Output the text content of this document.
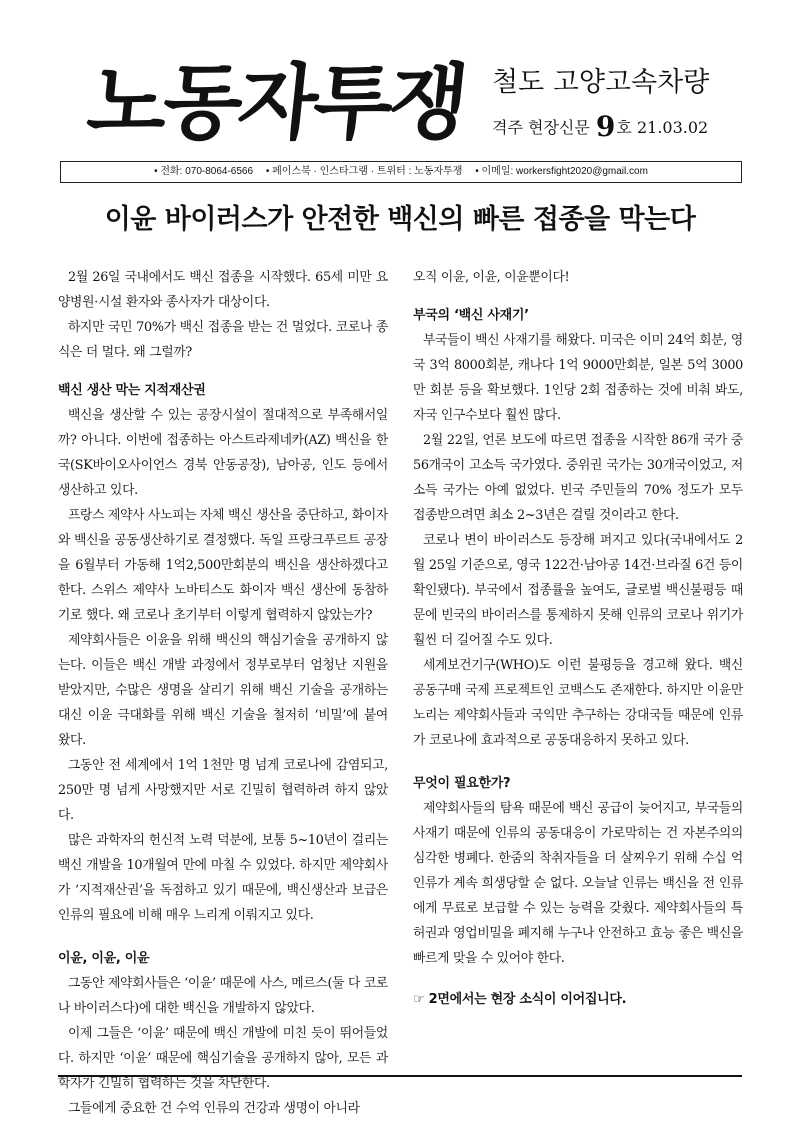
노동자투쟁 철도 고양고속차량
격주 현장신문 9호 21.03.02
• 전화: 070-8064-6566 • 페이스북 · 인스타그램 · 트위터 : 노동자투쟁 • 이메일: workersfight2020@gmail.com
이윤 바이러스가 안전한 백신의 빠른 접종을 막는다

2월 26일 국내에서도 백신 접종을 시작했다. 65세 미만 요양병원·시설 환자와 종사자가 대상이다.

하지만 국민 70%가 백신 접종을 받는 건 멀었다. 코로나 종식은 더 멀다. 왜 그럴까?

백신 생산 막는 지적재산권

백신을 생산할 수 있는 공장시설이 절대적으로 부족해서일까? 아니다. 이번에 접종하는 아스트라제네카(AZ) 백신을 한국(SK바이오사이언스 경북 안동공장), 남아공, 인도 등에서 생산하고 있다.

프랑스 제약사 사노피는 자체 백신 생산을 중단하고, 화이자와 백신을 공동생산하기로 결정했다. 독일 프랑크푸르트 공장을 6월부터 가동해 1억2,500만회분의 백신을 생산하겠다고 한다. 스위스 제약사 노바티스도 화이자 백신 생산에 동참하기로 했다. 왜 코로나 초기부터 이렇게 협력하지 않았는가?

제약회사들은 이윤을 위해 백신의 핵심기술을 공개하지 않는다. 이들은 백신 개발 과정에서 정부로부터 엄청난 지원을 받았지만, 수많은 생명을 살리기 위해 백신 기술을 공개하는 대신 이윤 극대화를 위해 백신 기술을 철저히 ‘비밀’에 붙여 왔다.

그동안 전 세계에서 1억 1천만 명 넘게 코로나에 감염되고, 250만 명 넘게 사망했지만 서로 긴밀히 협력하려 하지 않았다.

많은 과학자의 헌신적 노력 덕분에, 보통 5~10년이 걸리는 백신 개발을 10개월여 만에 마칠 수 있었다. 하지만 제약회사가 ‘지적재산권’을 독점하고 있기 때문에, 백신생산과 보급은 인류의 필요에 비해 매우 느리게 이뤄지고 있다.

이윤, 이윤, 이윤

그동안 제약회사들은 ‘이윤’ 때문에 사스, 메르스(둘 다 코로나 바이러스다)에 대한 백신을 개발하지 않았다.

이제 그들은 ‘이윤’ 때문에 백신 개발에 미친 듯이 뛰어들었다. 하지만 ‘이윤’ 때문에 핵심기술을 공개하지 않아, 모든 과학자가 긴밀히 협력하는 것을 차단한다.

그들에게 중요한 건 수억 인류의 건강과 생명이 아니라

오직 이윤, 이윤, 이윤뿐이다!

부국의 ‘백신 사재기’

부국들이 백신 사재기를 해왔다. 미국은 이미 24억 회분, 영국 3억 8000회분, 캐나다 1억 9000만회분, 일본 5억 3000만 회분 등을 확보했다. 1인당 2회 접종하는 것에 비춰 봐도, 자국 인구수보다 훨씬 많다.

2월 22일, 언론 보도에 따르면 접종을 시작한 86개 국가 중 56개국이 고소득 국가였다. 중위권 국가는 30개국이었고, 저소득 국가는 아예 없었다. 빈국 주민들의 70% 정도가 모두 접종받으려면 최소 2~3년은 걸릴 것이라고 한다.

코로나 변이 바이러스도 등장해 퍼지고 있다(국내에서도 2월 25일 기준으로, 영국 122건·남아공 14건·브라질 6건 등이 확인됐다). 부국에서 접종률을 높여도, 글로벌 백신불평등 때문에 빈국의 바이러스를 통제하지 못해 인류의 코로나 위기가 훨씬 더 길어질 수도 있다.

세계보건기구(WHO)도 이런 불평등을 경고해 왔다. 백신 공동구매 국제 프로젝트인 코백스도 존재한다. 하지만 이윤만 노리는 제약회사들과 국익만 추구하는 강대국들 때문에 인류가 코로나에 효과적으로 공동대응하지 못하고 있다.

무엇이 필요한가?

제약회사들의 탐욕 때문에 백신 공급이 늦어지고, 부국들의 사재기 때문에 인류의 공동대응이 가로막히는 건 자본주의의 심각한 병폐다. 한줌의 착취자들을 더 살찌우기 위해 수십 억 인류가 계속 희생당할 순 없다. 오늘날 인류는 백신을 전 인류에게 무료로 보급할 수 있는 능력을 갖췄다. 제약회사들의 특허권과 영업비밀을 폐지해 누구나 안전하고 효능 좋은 백신을 빠르게 맞을 수 있어야 한다.

☞ 2면에서는 현장 소식이 이어집니다.
